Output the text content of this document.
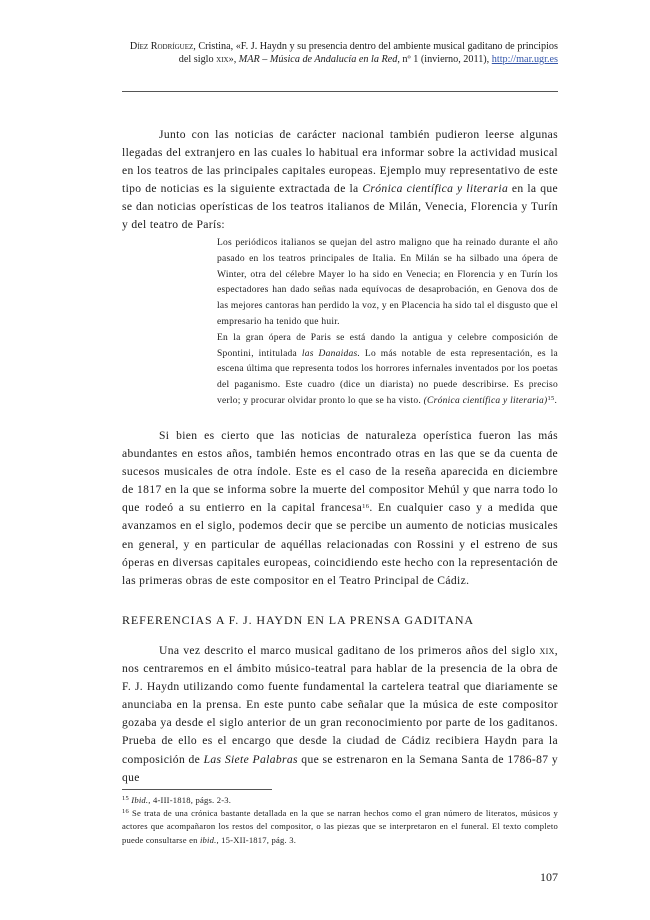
Díez Rodríguez, Cristina, «F. J. Haydn y su presencia dentro del ambiente musical gaditano de principios del siglo xix», MAR – Música de Andalucía en la Red, nº 1 (invierno, 2011), http://mar.ugr.es

Junto con las noticias de carácter nacional también pudieron leerse algunas llegadas del extranjero en las cuales lo habitual era informar sobre la actividad musical en los teatros de las principales capitales europeas. Ejemplo muy representativo de este tipo de noticias es la siguiente extractada de la Crónica científica y literaria en la que se dan noticias operísticas de los teatros italianos de Milán, Venecia, Florencia y Turín y del teatro de París:

Los periódicos italianos se quejan del astro maligno que ha reinado durante el año pasado en los teatros principales de Italia. En Milán se ha silbado una ópera de Winter, otra del célebre Mayer lo ha sido en Venecia; en Florencia y en Turín los espectadores han dado señas nada equívocas de desaprobación, en Genova dos de las mejores cantoras han perdido la voz, y en Placencia ha sido tal el disgusto que el empresario ha tenido que huir.

En la gran ópera de Paris se está dando la antigua y celebre composición de Spontini, intitulada las Danaidas. Lo más notable de esta representación, es la escena última que representa todos los horrores infernales inventados por los poetas del paganismo. Este cuadro (dice un diarista) no puede describirse. Es preciso verlo; y procurar olvidar pronto lo que se ha visto. (Crónica científica y literaria)$^{15}$.

Si bien es cierto que las noticias de naturaleza operística fueron las más abundantes en estos años, también hemos encontrado otras en las que se da cuenta de sucesos musicales de otra índole. Este es el caso de la reseña aparecida en diciembre de 1817 en la que se informa sobre la muerte del compositor Mehúl y que narra todo lo que rodeó a su entierro en la capital francesa$^{16}$. En cualquier caso y a medida que avanzamos en el siglo, podemos decir que se percibe un aumento de noticias musicales en general, y en particular de aquéllas relacionadas con Rossini y el estreno de sus óperas en diversas capitales europeas, coincidiendo este hecho con la representación de las primeras obras de este compositor en el Teatro Principal de Cádiz.

REFERENCIAS A F. J. HAYDN EN LA PRENSA GADITANA

Una vez descrito el marco musical gaditano de los primeros años del siglo xix, nos centraremos en el ámbito músico-teatral para hablar de la presencia de la obra de F. J. Haydn utilizando como fuente fundamental la cartelera teatral que diariamente se anunciaba en la prensa. En este punto cabe señalar que la música de este compositor gozaba ya desde el siglo anterior de un gran reconocimiento por parte de los gaditanos. Prueba de ello es el encargo que desde la ciudad de Cádiz recibiera Haydn para la composición de Las Siete Palabras que se estrenaron en la Semana Santa de 1786-87 y que

$^{15}$ Ibid., 4-III-1818, págs. 2-3.

$^{16}$ Se trata de una crónica bastante detallada en la que se narran hechos como el gran número de literatos, músicos y actores que acompañaron los restos del compositor, o las piezas que se interpretaron en el funeral. El texto completo puede consultarse en ibid., 15-XII-1817, pág. 3.

107
